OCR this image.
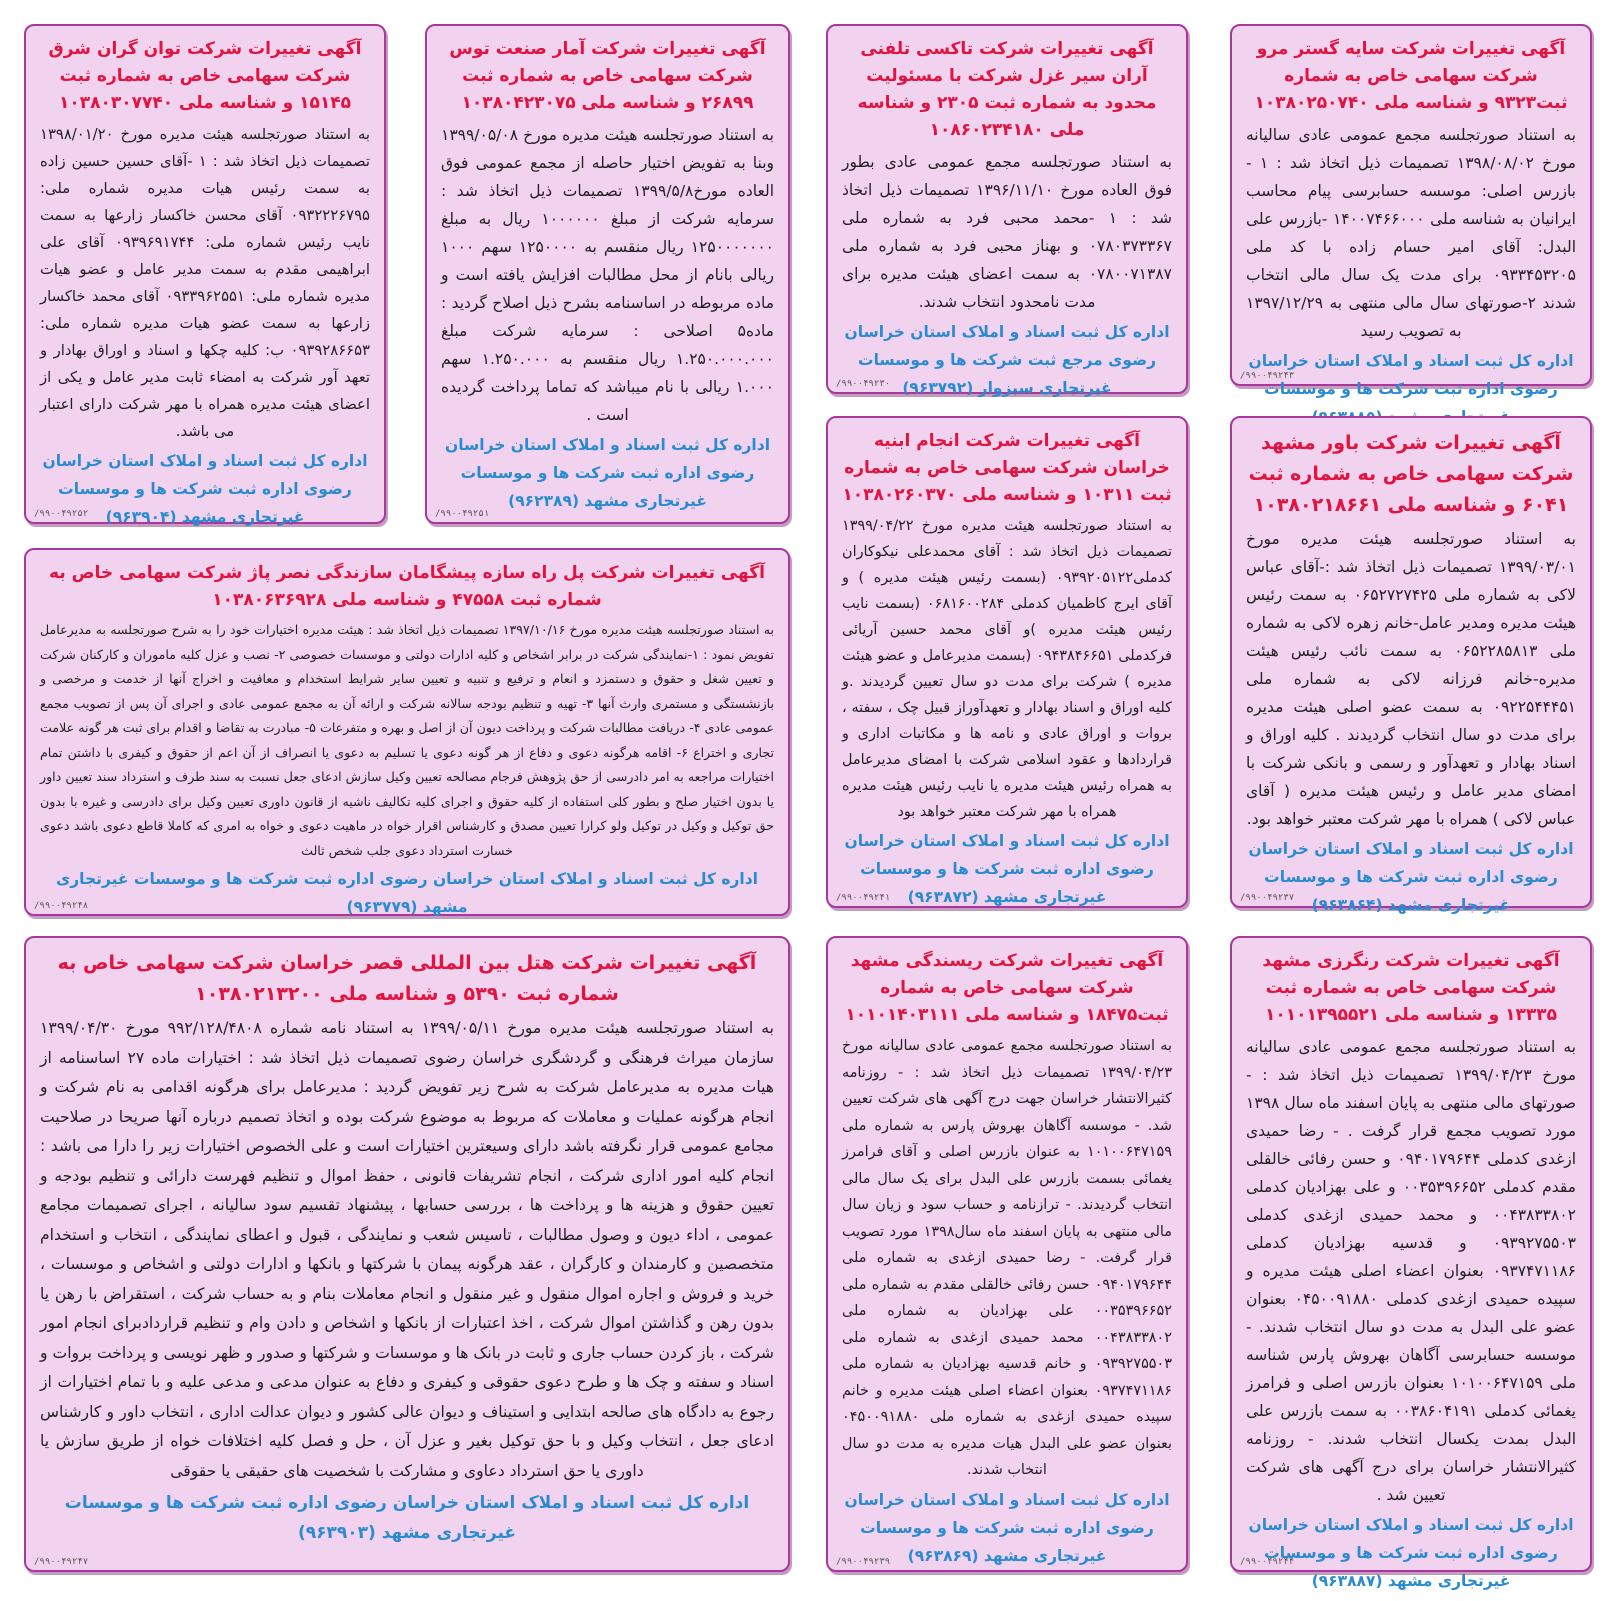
آگهی تغییرات شرکت سایه گستر مرو شرکت سهامی خاص به شماره ثبت۹۳۲۳ و شناسه ملی ۱۰۳۸۰۲۵۰۷۴۰
به استناد صورتجلسه مجمع عمومی عادی سالیانه مورخ ۱۳۹۸/۰۸/۰۲ تصمیمات ذیل اتخاذ شد : ۱ - بازرس اصلی: موسسه حسابرسی پیام محاسب ایرانیان به شناسه ملی ۱۴۰۰۷۴۶۶۰۰۰ -بازرس علی البدل: آقای امیر حسام زاده با کد ملی ۰۹۳۳۴۵۳۲۰۵ برای مدت یک سال مالی انتخاب شدند ۲-صورتهای سال مالی منتهی به ۱۳۹۷/۱۲/۲۹ به تصویب رسید
اداره کل ثبت اسناد و املاک استان خراسان رضوی اداره ثبت شرکت ها و موسسات
/۹۹۰۰۴۹۲۴۳
آگهی تغییرات شرکت باور مشهد شرکت سهامی خاص به شماره ثبت ۶۰۴۱ و شناسه ملی ۱۰۳۸۰۲۱۸۶۶۱
به استناد صورتجلسه هیئت مدیره مورخ ۱۳۹۹/۰۳/۰۱ تصمیمات ذیل اتخاذ شد :-آقای عباس لاکی به شماره ملی ۰۶۵۲۷۲۷۴۲۵ به سمت رئیس هیئت مدیره ومدیر عامل-خانم زهره لاکی به شماره ملی ۰۶۵۲۲۸۵۸۱۳ به سمت نائب رئیس هیئت مدیره-خانم فرزانه لاکی به شماره ملی ۰۹۲۲۵۴۴۴۵۱ به سمت عضو اصلی هیئت مدیره برای مدت دو سال انتخاب گردیدند . کلیه اوراق و اسناد بهادار و تعهدآور و رسمی و بانکی شرکت با امضای مدیر عامل و رئیس هیئت مدیره ( آقای عباس لاکی ) همراه با مهر شرکت معتبر خواهد بود.
اداره کل ثبت اسناد و املاک استان خراسان رضوی اداره ثبت شرکت ها و موسسات غیرتجاری مشهد (۹۶۳۸۶۴)
/۹۹۰۰۴۹۲۳۷
آگهی تغییرات شرکت رنگرزی مشهد شرکت سهامی خاص به شماره ثبت ۱۳۳۳۵ و شناسه ملی ۱۰۱۰۱۳۹۵۵۲۱
به استناد صورتجلسه مجمع عمومی عادی سالیانه مورخ ۱۳۹۹/۰۴/۲۳ تصمیمات ذیل اتخاذ شد : - صورتهای مالی منتهی به پایان اسفند ماه سال ۱۳۹۸ مورد تصویب مجمع قرار گرفت . - رضا حمیدی ازغدی کدملی ۰۹۴۰۱۷۹۶۴۴ و حسن رفائی خالقلی مقدم کدملی ۰۰۳۵۳۹۶۶۵۲ و علی بهزادیان کدملی ۰۰۴۳۸۳۳۸۰۲ و محمد حمیدی ازغدی کدملی ۰۹۳۹۲۷۵۵۰۳ و قدسیه بهزادیان کدملی ۰۹۳۷۴۷۱۱۸۶ بعنوان اعضاء اصلی هیئت مدیره و سپیده حمیدی ازغدی کدملی ۰۴۵۰۰۹۱۸۸۰ بعنوان عضو علی البدل به مدت دو سال انتخاب شدند. - موسسه حسابرسی آگاهان بهروش پارس شناسه ملی ۱۰۱۰۰۶۴۷۱۵۹ بعنوان بازرس اصلی و فرامرز یغمائی کدملی ۰۰۳۸۶۰۴۱۹۱ به سمت بازرس علی البدل بمدت یکسال انتخاب شدند. - روزنامه کثیرالانتشار خراسان برای درج آگهی های شرکت تعیین شد .
اداره کل ثبت اسناد و املاک استان خراسان رضوی اداره ثبت شرکت ها و موسسات غیرتجاری مشهد (۹۶۳۸۸۷)
/۹۹۰۰۴۹۲۴۴
آگهی تغییرات شرکت تاکسی تلفنی آران سیر غزل شرکت با مسئولیت محدود به شماره ثبت ۲۳۰۵ و شناسه ملی ۱۰۸۶۰۲۳۴۱۸۰
به استناد صورتجلسه مجمع عمومی عادی بطور فوق العاده مورخ ۱۳۹۶/۱۱/۱۰ تصمیمات ذیل اتخاذ شد : ۱ -محمد محبی فرد به شماره ملی ۰۷۸۰۳۷۳۳۶۷ و بهناز محبی فرد به شماره ملی ۰۷۸۰۰۷۱۳۸۷ به سمت اعضای هیئت مدیره برای مدت نامحدود انتخاب شدند.
اداره کل ثبت اسناد و املاک استان خراسان رضوی مرجع ثبت شرکت ها و موسسات غیرتجاری سبزوار (۹۶۳۷۹۲)
/۹۹۰۰۴۹۲۳۰
آگهی تغییرات شرکت انجام ابنیه خراسان شرکت سهامی خاص به شماره ثبت ۱۰۳۱۱ و شناسه ملی ۱۰۳۸۰۲۶۰۳۷۰
به استناد صورتجلسه هیئت مدیره مورخ ۱۳۹۹/۰۴/۲۲ تصمیمات ذیل اتخاذ شد : آقای محمدعلی نیکوکاران کدملی۰۹۳۹۲۰۵۱۲۲ (بسمت رئیس هیئت مدیره ) و آقای ایرج کاظمیان کدملی ۰۶۸۱۶۰۰۲۸۴ (بسمت نایب رئیس هیئت مدیره )و آقای محمد حسین آریائی فرکدملی ۰۹۴۳۸۴۶۶۵۱ (بسمت مدیرعامل و عضو هیئت مدیره ) شرکت برای مدت دو سال تعیین گردیدند .و کلیه اوراق و اسناد بهادار و تعهدآوراز قبیل چک ، سفته ، بروات و اوراق عادی و نامه ها و مکاتبات اداری و قراردادها و عقود اسلامی شرکت با امضای مدیرعامل به همراه رئیس هیئت مدیره یا نایب رئیس هیئت مدیره همراه با مهر شرکت معتبر خواهد بود
اداره کل ثبت اسناد و املاک استان خراسان رضوی اداره ثبت شرکت ها و موسسات غیرتجاری مشهد (۹۶۳۸۷۲)
/۹۹۰۰۴۹۲۴۱
آگهی تغییرات شرکت ریسندگی مشهد شرکت سهامی خاص به شماره ثبت۱۸۴۷۵ و شناسه ملی ۱۰۱۰۱۴۰۳۱۱۱
به استناد صورتجلسه مجمع عمومی عادی سالیانه مورخ ۱۳۹۹/۰۴/۲۳ تصمیمات ذیل اتخاذ شد : - روزنامه کثیرالانتشار خراسان جهت درج آگهی های شرکت تعیین شد. - موسسه آگاهان بهروش پارس به شماره ملی ۱۰۱۰۰۶۴۷۱۵۹ به عنوان بازرس اصلی و آقای فرامرز یغمائی بسمت بازرس علی البدل برای یک سال مالی انتخاب گردیدند. - ترازنامه و حساب سود و زیان سال مالی منتهی به پایان اسفند ماه سال۱۳۹۸ مورد تصویب قرار گرفت. - رضا حمیدی ازغدی به شماره ملی ۰۹۴۰۱۷۹۶۴۴ حسن رفائی خالقلی مقدم به شماره ملی ۰۰۳۵۳۹۶۶۵۲ علی بهزادیان به شماره ملی ۰۰۴۳۸۳۳۸۰۲ محمد حمیدی ازغدی به شماره ملی ۰۹۳۹۲۷۵۵۰۳ و خانم قدسیه بهزادیان به شماره ملی ۰۹۳۷۴۷۱۱۸۶ بعنوان اعضاء اصلی هیئت مدیره و خانم سپیده حمیدی ازغدی به شماره ملی ۰۴۵۰۰۹۱۸۸۰ بعنوان عضو علی البدل هیات مدیره به مدت دو سال انتخاب شدند.
اداره کل ثبت اسناد و املاک استان خراسان رضوی اداره ثبت شرکت ها و موسسات غیرتجاری مشهد (۹۶۳۸۶۹)
/۹۹۰۰۴۹۲۳۹
آگهی تغییرات شرکت آمار صنعت توس شرکت سهامی خاص به شماره ثبت ۲۶۸۹۹ و شناسه ملی ۱۰۳۸۰۴۲۳۰۷۵
به استناد صورتجلسه هیئت مدیره مورخ ۱۳۹۹/۰۵/۰۸ وبنا به تفویض اختیار حاصله از مجمع عمومی فوق العاده مورخ۱۳۹۹/۵/۸ تصمیمات ذیل اتخاذ شد : سرمایه شرکت از مبلغ ۱۰۰۰۰۰۰ ریال به مبلغ ۱۲۵۰۰۰۰۰۰۰ ریال منقسم به ۱۲۵۰۰۰۰ سهم ۱۰۰۰ ریالی بانام از محل مطالبات افزایش یافته است و ماده مربوطه در اساسنامه بشرح ذیل اصلاح گردید : ماده۵ اصلاحی : سرمایه شرکت مبلغ ۱.۲۵۰.۰۰۰.۰۰۰ ریال منقسم به ۱.۲۵۰.۰۰۰ سهم ۱.۰۰۰ ریالی با نام میباشد که تماما پرداخت گردیده است .
اداره کل ثبت اسناد و املاک استان خراسان رضوی اداره ثبت شرکت ها و موسسات غیرتجاری مشهد (۹۶۲۳۸۹)
/۹۹۰۰۴۹۲۵۱
آگهی تغییرات شرکت توان گران شرق شرکت سهامی خاص به شماره ثبت ۱۵۱۴۵ و شناسه ملی ۱۰۳۸۰۳۰۷۷۴۰
به استناد صورتجلسه هیئت مدیره مورخ ۱۳۹۸/۰۱/۲۰ تصمیمات ذیل اتخاذ شد : ۱ -آقای حسین حسین زاده به سمت رئیس هیات مدیره شماره ملی: ۰۹۳۲۲۲۶۷۹۵ آقای محسن خاکسار زارعها به سمت نایب رئیس شماره ملی: ۰۹۳۹۶۹۱۷۴۴ آقای علی ابراهیمی مقدم به سمت مدیر عامل و عضو هیات مدیره شماره ملی: ۰۹۳۳۹۶۲۵۵۱ آقای محمد خاکسار زارعها به سمت عضو هیات مدیره شماره ملی: ۰۹۳۹۲۸۶۶۵۳ ب: کلیه چکها و اسناد و اوراق بهادار و تعهد آور شرکت به امضاء ثابت مدیر عامل و یکی از اعضای هیئت مدیره همراه با مهر شرکت دارای اعتبار می باشد.
اداره کل ثبت اسناد و املاک استان خراسان رضوی اداره ثبت شرکت ها و موسسات غیرتجاری مشهد (۹۶۳۹۰۴)
/۹۹۰۰۴۹۲۵۲
آگهی تغییرات شرکت پل راه سازه پیشگامان سازندگی نصر پاژ شرکت سهامی خاص به شماره ثبت ۴۷۵۵۸ و شناسه ملی ۱۰۳۸۰۶۳۶۹۲۸
به استناد صورتجلسه هیئت مدیره مورخ ۱۳۹۷/۱۰/۱۶ تصمیمات ذیل اتخاذ شد : هیئت مدیره اختیارات خود را به شرح صورتجلسه به مدیرعامل تفویض نمود : ۱-نمایندگی شرکت در برابر اشخاص و کلیه ادارات دولتی و موسسات خصوصی ۲- نصب و عزل کلیه ماموران و کارکنان شرکت و تعیین شغل و حقوق و دستمزد و انعام و ترفیع و تنبیه و تعیین سایر شرایط استخدام و معافیت و اخراج آنها از خدمت و مرخصی و بازنشستگی و مستمری وارث آنها ۳- تهیه و تنظیم بودجه سالانه شرکت و ارائه آن به مجمع عمومی عادی و اجرای آن پس از تصویب مجمع عمومی عادی ۴- دریافت مطالبات شرکت و پرداخت دیون آن از اصل و بهره و متفرعات ۵- مبادرت به تقاضا و اقدام برای ثبت هر گونه علامت تجاری و اختراع ۶- اقامه هرگونه دعوی و دفاع از هر گونه دعوی یا تسلیم به دعوی یا انصراف از آن اعم از حقوق و کیفری با داشتن تمام اختیارات مراجعه به امر دادرسی از حق پژوهش فرجام مصالحه تعیین وکیل سازش ادعای جعل نسبت به سند طرف و استرداد سند تعیین داور یا بدون اختیار صلح و بطور کلی استفاده از کلیه حقوق و اجرای کلیه تکالیف ناشیه از قانون داوری تعیین وکیل برای دادرسی و غیره با بدون حق توکیل و وکیل در توکیل ولو کرارا تعیین مصدق و کارشناس اقرار خواه در ماهیت دعوی و خواه به امری که کاملا قاطع دعوی باشد دعوی خسارت استرداد دعوی جلب شخص ثالث
اداره کل ثبت اسناد و املاک استان خراسان رضوی اداره ثبت شرکت ها و موسسات غیرتجاری مشهد (۹۶۳۷۷۹)
/۹۹۰۰۴۹۲۴۸
آگهی تغییرات شرکت هتل بین المللی قصر خراسان شرکت سهامی خاص به شماره ثبت ۵۳۹۰ و شناسه ملی ۱۰۳۸۰۲۱۳۲۰۰
به استناد صورتجلسه هیئت مدیره مورخ ۱۳۹۹/۰۵/۱۱ به استناد نامه شماره ۹۹۲/۱۲۸/۴۸۰۸ مورخ ۱۳۹۹/۰۴/۳۰ سازمان میراث فرهنگی و گردشگری خراسان رضوی تصمیمات ذیل اتخاذ شد : اختیارات ماده ۲۷ اساسنامه از هیات مدیره به مدیرعامل شرکت به شرح زیر تفویض گردید : مدیرعامل برای هرگونه اقدامی به نام شرکت و انجام هرگونه عملیات و معاملات که مربوط به موضوع شرکت بوده و اتخاذ تصمیم درباره آنها صریحا در صلاحیت مجامع عمومی قرار نگرفته باشد دارای وسیعترین اختیارات است و علی الخصوص اختیارات زیر را دارا می باشد : انجام کلیه امور اداری شرکت ، انجام تشریفات قانونی ، حفظ اموال و تنظیم فهرست دارائی و تنظیم بودجه و تعیین حقوق و هزینه ها و پرداخت ها ، بررسی حسابها ، پیشنهاد تقسیم سود سالیانه ، اجرای تصمیمات مجامع عمومی ، اداء دیون و وصول مطالبات ، تاسیس شعب و نمایندگی ، قبول و اعطای نمایندگی ، انتخاب و استخدام متخصصین و کارمندان و کارگران ، عقد هرگونه پیمان با شرکتها و بانکها و ادارات دولتی و اشخاص و موسسات ، خرید و فروش و اجاره اموال منقول و غیر منقول و انجام معاملات بنام و به حساب شرکت ، استقراض با رهن یا بدون رهن و گذاشتن اموال شرکت ، اخذ اعتبارات از بانکها و اشخاص و دادن وام و تنظیم قراردادبرای انجام امور شرکت ، باز کردن حساب جاری و ثابت در بانک ها و موسسات و شرکتها و صدور و ظهر نویسی و پرداخت بروات و اسناد و سفته و چک ها و طرح دعوی حقوقی و کیفری و دفاع به عنوان مدعی و مدعی علیه و با تمام اختیارات از رجوع به دادگاه های صالحه ابتدایی و استیناف و دیوان عالی کشور و دیوان عدالت اداری ، انتخاب داور و کارشناس ادعای جعل ، انتخاب وکیل و با حق توکیل بغیر و عزل آن ، حل و فصل کلیه اختلافات خواه از طریق سازش یا داوری یا حق استرداد دعاوی و مشارکت با شخصیت های حقیقی یا حقوقی
اداره کل ثبت اسناد و املاک استان خراسان رضوی اداره ثبت شرکت ها و موسسات غیرتجاری مشهد (۹۶۳۹۰۳)
/۹۹۰۰۴۹۲۴۷
